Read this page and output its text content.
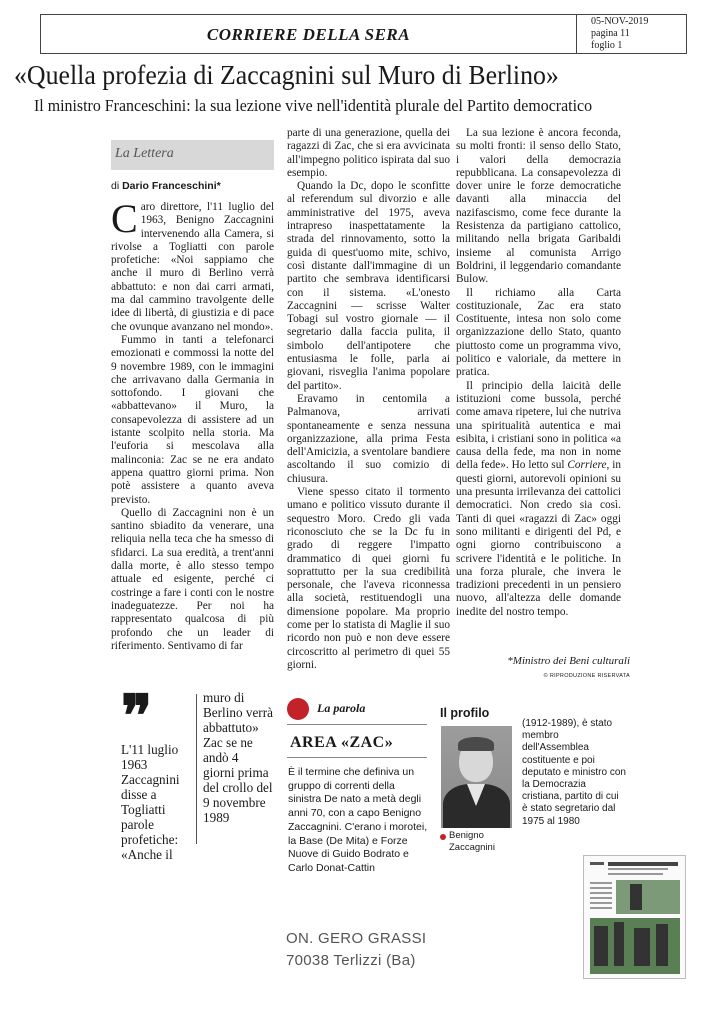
CORRIERE DELLA SERA
05-NOV-2019
pagina 11
foglio 1
«Quella profezia di Zaccagnini sul Muro di Berlino»
Il ministro Franceschini: la sua lezione vive nell'identità plurale del Partito democratico
La Lettera
di Dario Franceschini*

Caro direttore, l'11 luglio del 1963, Benigno Zaccagnini intervenendo alla Camera, si rivolse a Togliatti con parole profetiche: «Noi sappiamo che anche il muro di Berlino verrà abbattuto: e non dai carri armati, ma dal cammino travolgente delle idee di libertà, di giustizia e di pace che ovunque avanzano nel mondo».

Fummo in tanti a telefonarci emozionati e commossi la notte del 9 novembre 1989, con le immagini che arrivavano dalla Germania in sottofondo. I giovani che «abbattevano» il Muro, la consapevolezza di assistere ad un istante scolpito nella storia. Ma l'euforia si mescolava alla malinconia: Zac se ne era andato appena quattro giorni prima. Non potè assistere a quanto aveva previsto.

Quello di Zaccagnini non è un santino sbiadito da venerare, una reliquia nella teca che ha smesso di sfidarci. La sua eredità, a trent'anni dalla morte, è allo stesso tempo attuale ed esigente, perché ci costringe a fare i conti con le nostre inadeguatezze. Per noi ha rappresentato qualcosa di più profondo che un leader di riferimento. Sentivamo di far

parte di una generazione, quella dei ragazzi di Zac, che si era avvicinata all'impegno politico ispirata dal suo esempio.

Quando la Dc, dopo le sconfitte al referendum sul divorzio e alle amministrative del 1975, aveva intrapreso inaspettatamente la strada del rinnovamento, sotto la guida di quest'uomo mite, schivo, così distante dall'immagine di un partito che sembrava identificarsi con il sistema. «L'onesto Zaccagnini — scrisse Walter Tobagi sul vostro giornale — il segretario dalla faccia pulita, il simbolo dell'antipotere che entusiasma le folle, parla ai giovani, risveglia l'anima popolare del partito».

Eravamo in centomila a Palmanova, arrivati spontaneamente e senza nessuna organizzazione, alla prima Festa dell'Amicizia, a sventolare bandiere ascoltando il suo comizio di chiusura.

Viene spesso citato il tormento umano e politico vissuto durante il sequestro Moro. Credo gli vada riconosciuto che se la Dc fu in grado di reggere l'impatto drammatico di quei giorni fu soprattutto per la sua credibilità personale, che l'aveva riconnessa alla società, restituendogli una dimensione popolare. Ma proprio come per lo statista di Maglie il suo ricordo non può e non deve essere circoscritto al perimetro di quei 55 giorni.

La sua lezione è ancora feconda, su molti fronti: il senso dello Stato, i valori della democrazia repubblicana. La consapevolezza di dover unire le forze democratiche davanti alla minaccia del nazifascismo, come fece durante la Resistenza da partigiano cattolico, militando nella brigata Garibaldi insieme al comunista Arrigo Boldrini, il leggendario comandante Bulow.

Il richiamo alla Carta costituzionale, Zac era stato Costituente, intesa non solo come organizzazione dello Stato, quanto piuttosto come un programma vivo, politico e valoriale, da mettere in pratica.

Il principio della laicità delle istituzioni come bussola, perché come amava ripetere, lui che nutriva una spiritualità autentica e mai esibita, i cristiani sono in politica «a causa della fede, ma non in nome della fede». Ho letto sul Corriere, in questi giorni, autorevoli opinioni su una presunta irrilevanza dei cattolici democratici. Non credo sia così. Tanti di quei «ragazzi di Zac» oggi sono militanti e dirigenti del Pd, e ogni giorno contribuiscono a scrivere l'identità e le politiche. In una forza plurale, che invera le tradizioni precedenti in un pensiero nuovo, all'altezza delle domande inedite del nostro tempo.

*Ministro dei Beni culturali
© RIPRODUZIONE RISERVATA
❞
L'11 luglio 1963 Zaccagnini disse a Togliatti parole profetiche: «Anche il
muro di Berlino verrà abbattuto» Zac se ne andò 4 giorni prima del crollo del 9 novembre 1989
La parola
AREA «ZAC»
È il termine che definiva un gruppo di correnti della sinistra De nato a metà degli anni 70, con a capo Benigno Zaccagnini. C'erano i morotei, la Base (De Mita) e Forze Nuove di Guido Bodrato e Carlo Donat-Cattin
Il profilo
Benigno Zaccagnini
(1912-1989), è stato membro dell'Assemblea costituente e poi deputato e ministro con la Democrazia cristiana, partito di cui è stato segretario dal 1975 al 1980
ON. GERO GRASSI
70038 Terlizzi (Ba)
